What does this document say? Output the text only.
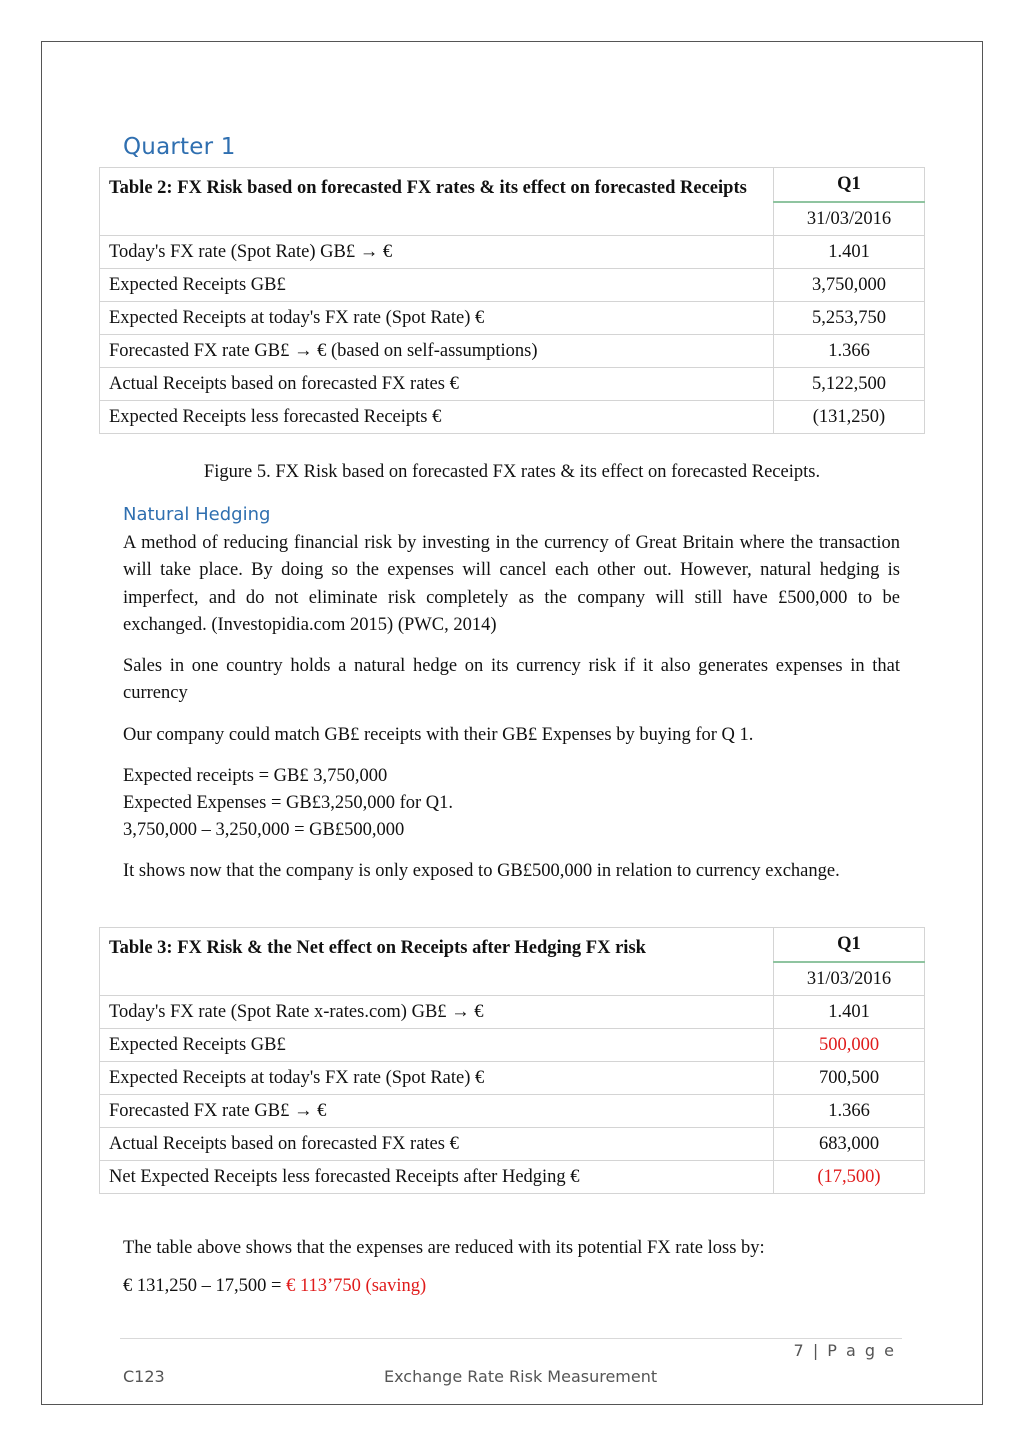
Quarter 1
Table 2: FX Risk based on forecasted FX rates & its effect on forecasted Receipts	Q1
	31/03/2016
Today's FX rate (Spot Rate) GB£ → €	1.401
Expected Receipts GB£	3,750,000
Expected Receipts at today's FX rate (Spot Rate) €	5,253,750
Forecasted FX rate GB£ → € (based on self-assumptions)	1.366
Actual Receipts based on forecasted FX rates €	5,122,500
Expected Receipts less forecasted Receipts €	(131,250)
Figure 5. FX Risk based on forecasted FX rates & its effect on forecasted Receipts.
Natural Hedging

A method of reducing financial risk by investing in the currency of Great Britain where the transaction will take place. By doing so the expenses will cancel each other out. However, natural hedging is imperfect, and do not eliminate risk completely as the company will still have £500,000 to be exchanged. (Investopidia.com 2015) (PWC, 2014)

Sales in one country holds a natural hedge on its currency risk if it also generates expenses in that currency

Our company could match GB£ receipts with their GB£ Expenses by buying for Q 1.

Expected receipts = GB£ 3,750,000

Expected Expenses = GB£3,250,000 for Q1.

3,750,000 – 3,250,000 = GB£500,000

It shows now that the company is only exposed to GB£500,000 in relation to currency exchange.

Table 3: FX Risk & the Net effect on Receipts after Hedging FX risk	Q1
	31/03/2016
Today's FX rate (Spot Rate x-rates.com) GB£ → €	1.401
Expected Receipts GB£	500,000
Expected Receipts at today's FX rate (Spot Rate) €	700,500
Forecasted FX rate GB£ → €	1.366
Actual Receipts based on forecasted FX rates €	683,000
Net Expected Receipts less forecasted Receipts after Hedging €	(17,500)

The table above shows that the expenses are reduced with its potential FX rate loss by:

€ 131,250 – 17,500 = € 113’750 (saving)

7 | P a g e
C123	Exchange Rate Risk Measurement
